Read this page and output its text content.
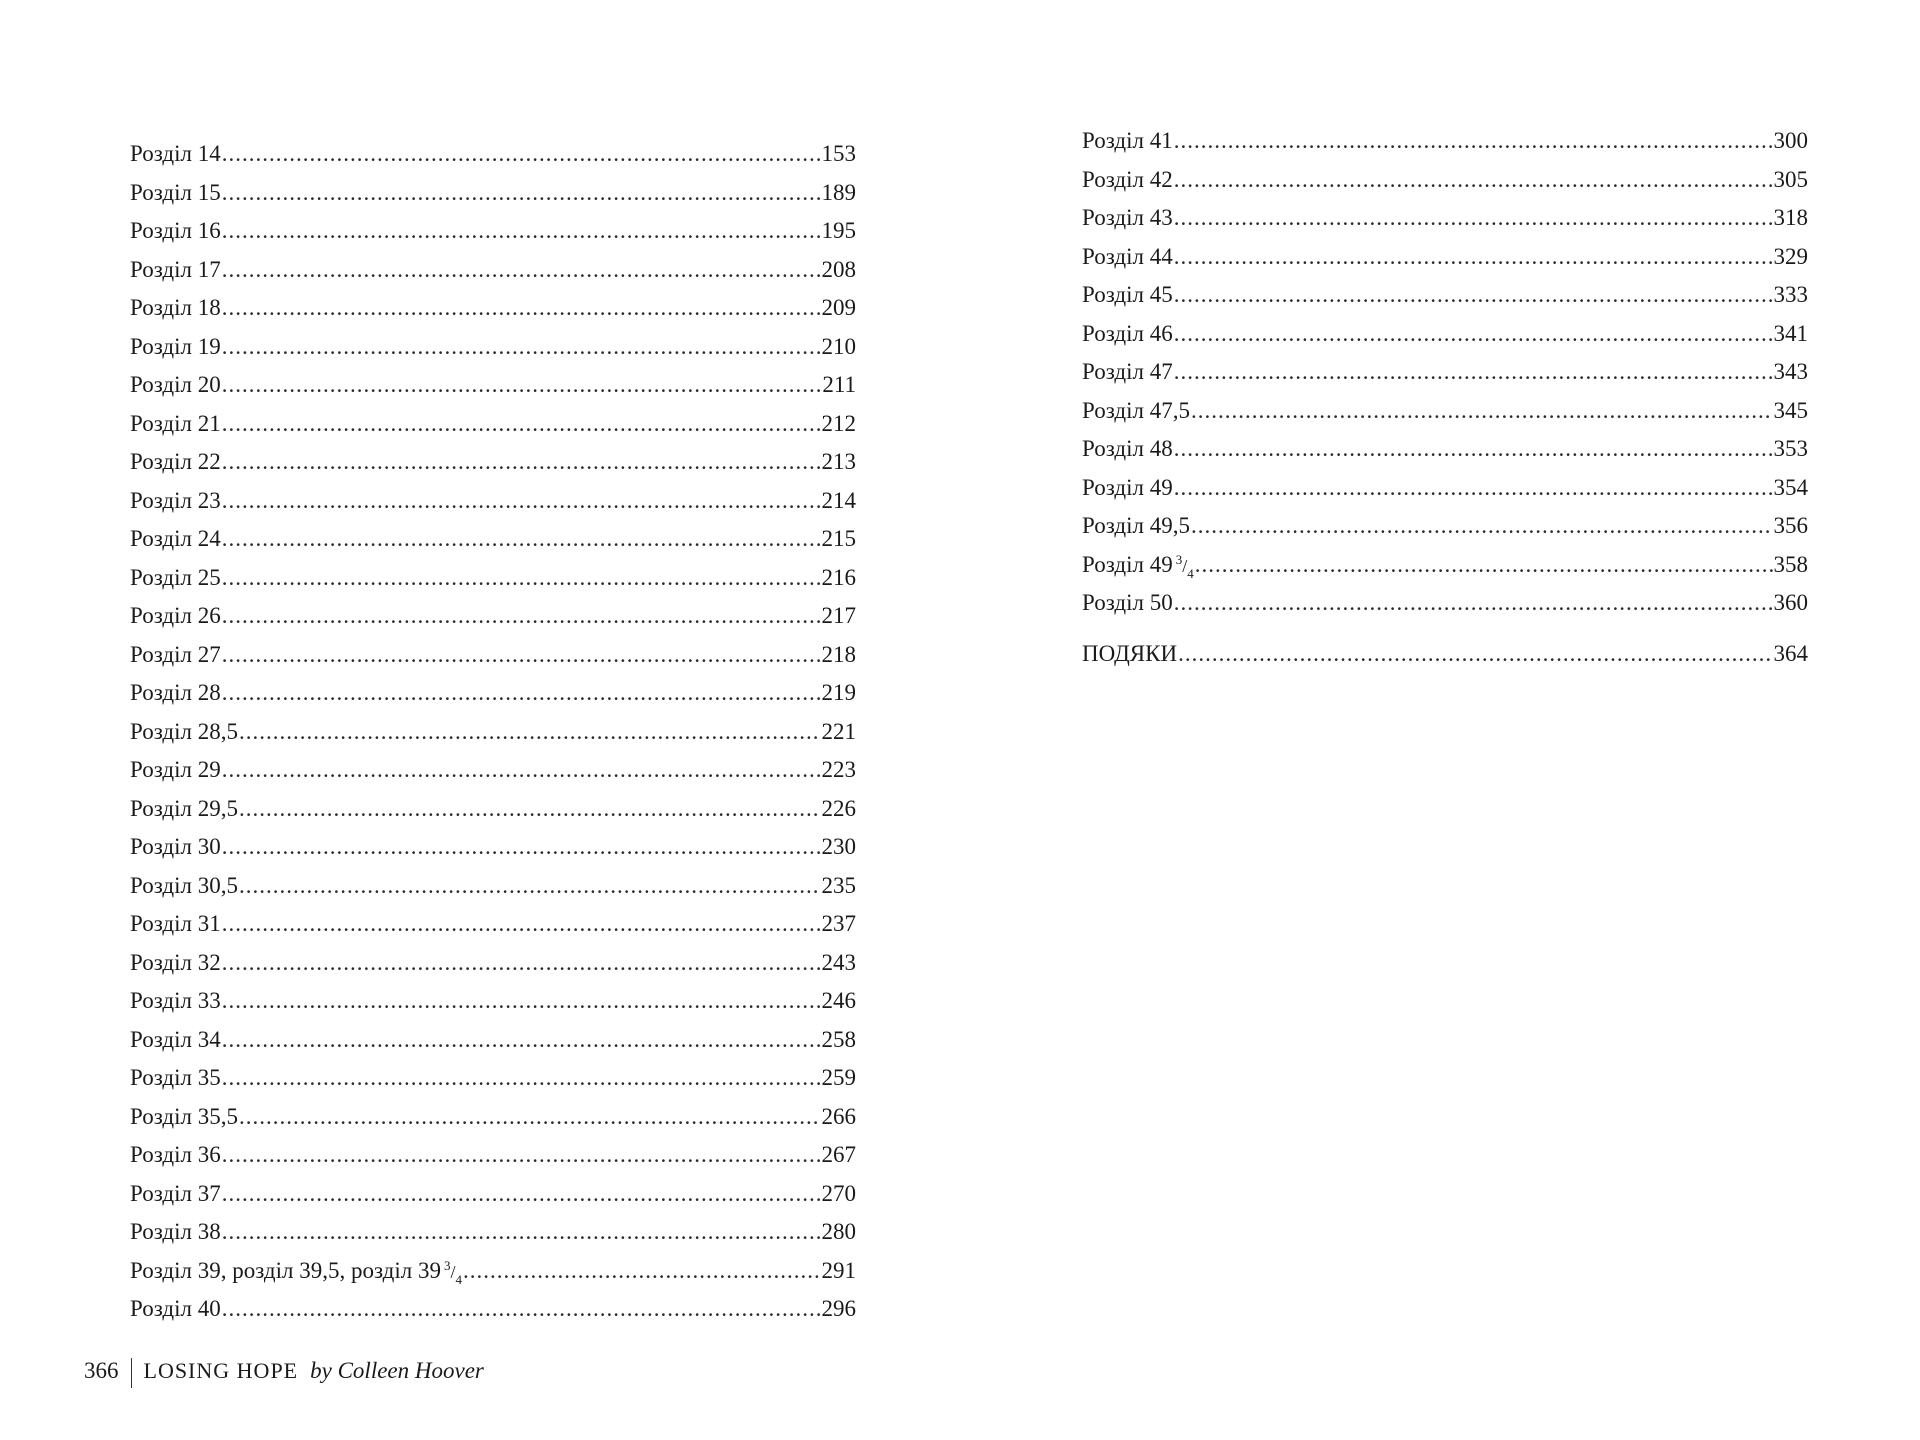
Розділ 14 .....	153
Розділ 15 .....	189
Розділ 16 .....	195
Розділ 17 .....	208
Розділ 18 .....	209
Розділ 19 .....	210
Розділ 20 .....	211
Розділ 21 .....	212
Розділ 22 .....	213
Розділ 23 .....	214
Розділ 24 .....	215
Розділ 25 .....	216
Розділ 26 .....	217
Розділ 27 .....	218
Розділ 28 .....	219
Розділ 28,5 .....	221
Розділ 29 .....	223
Розділ 29,5 .....	226
Розділ 30 .....	230
Розділ 30,5 .....	235
Розділ 31 .....	237
Розділ 32 .....	243
Розділ 33 .....	246
Розділ 34 .....	258
Розділ 35 .....	259
Розділ 35,5 .....	266
Розділ 36 .....	267
Розділ 37 .....	270
Розділ 38 .....	280
Розділ 39, розділ 39,5, розділ 39 3/4 .....	291
Розділ 40 .....	296
Розділ 41 .....	300
Розділ 42 .....	305
Розділ 43 .....	318
Розділ 44 .....	329
Розділ 45 .....	333
Розділ 46 .....	341
Розділ 47 .....	343
Розділ 47,5 .....	345
Розділ 48 .....	353
Розділ 49 .....	354
Розділ 49,5 .....	356
Розділ 49 3/4 .....	358
Розділ 50 .....	360
ПОДЯКИ .....	364
366 LOSING HOPE by Colleen Hoover
